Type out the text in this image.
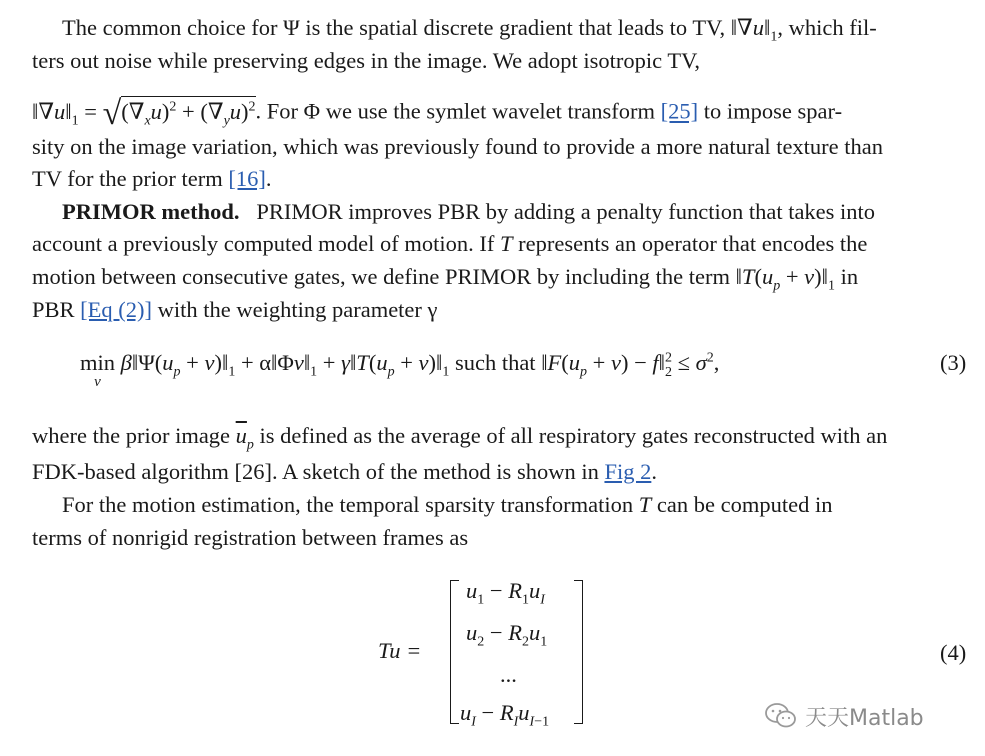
The common choice for Ψ is the spatial discrete gradient that leads to TV, $‖\nabla u‖_1$, which fil-
ters out noise while preserving edges in the image. We adopt isotropic TV,
$‖\nabla u‖_1 = √(\nabla_xu)^2 + (\nabla_yu)^2$. For Φ we use the symlet wavelet transform [25] to impose spar-
sity on the image variation, which was previously found to provide a more natural texture than
TV for the prior term [16].
PRIMOR method. PRIMOR improves PBR by adding a penalty function that takes into
account a previously computed model of motion. If T represents an operator that encodes the
motion between consecutive gates, we define PRIMOR by including the term $‖T(u_p$ + $v)‖_1$ in
PBR [Eq (2)] with the weighting parameter γ
min
$^v$ $\beta‖\Psi(u_p$ + $v)‖_1$ + $\alpha‖\Phi v‖_1$ + $\gamma‖T(u_p$ + $v)‖_1$ such that $‖F(u_p + v)$ − f‖$^2_2$ ≤ $\sigma^2$,	(3)
where the prior image $\overline{u}_p$ is defined as the average of all respiratory gates reconstructed with an
FDK-based algorithm [26]. A sketch of the method is shown in Fig 2.
For the motion estimation, the temporal sparsity transformation T can be computed in
terms of nonrigid registration between frames as
Tu =
$u_1 - R_1u_I$
$u_2 - R_2u_1$
...
$u_I - R_Iu_{I-1}$
(4)
天天Matlab
